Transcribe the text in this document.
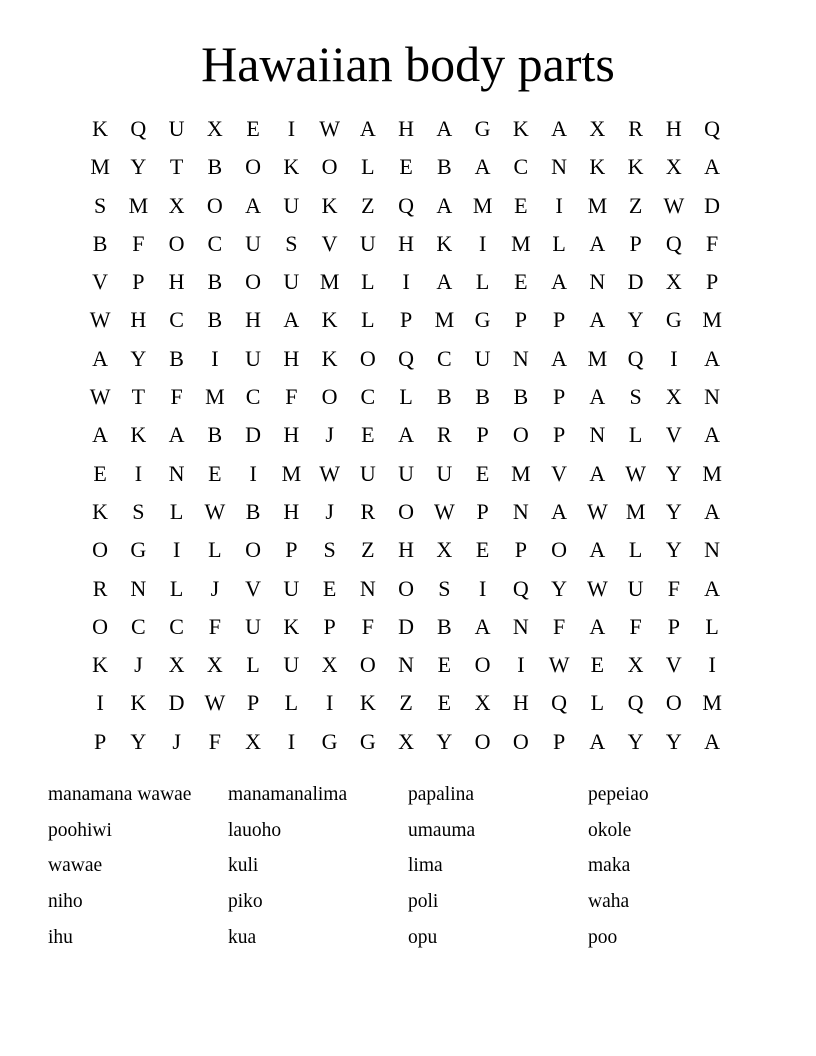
Hawaiian body parts
K	Q	U	X	E	I	W A	H	A	G	K	A	X	R	H	Q
M Y	T	B	O	K	O	L	E	B	A	C	N	K	K	X	A
S	M X	O	A	U	K	Z	Q	A M E	I	M Z W D
B	F	O	C	U	S	V	U	H	K	I	M L	A	P	Q	F
V	P	H	B	O	U M L	I	A	L	E	A	N	D	X	P
W H	C	B	H	A	K	L	P	M G	P	P	A	Y	G M
A	Y	B	I	U	H	K	O	Q	C	U	N	A M Q	I	A
W T	F	M C	F	O	C	L	B	B	B	P	A	S	X	N
A	K	A	B	D	H	J	E	A	R	P	O	P	N	L	V	A
E	I	N	E	I	M W U	U	U	E M V	A W Y M
K	S	L W B	H	J	R	O W P	N	A W M Y	A
O	G	I	L	O	P	S	Z	H	X	E	P	O	A	L	Y	N
R	N	L	J	V	U	E	N	O	S	I	Q	Y W U	F	A
O	C	C	F	U	K	P	F	D	B	A	N	F	A	F	P	L
K	J	X	X	L	U	X	O	N	E	O	I	W E	X	V	I
I	K	D W P	L	I	K	Z	E	X	H	Q	L	Q	O M
P	Y	J	F	X	I	G	G	X	Y	O	O	P	A	Y	Y	A
manamana wawae	manamanalima	papalina	pepeiao
poohiwi	lauoho	umauma	okole
wawae	kuli	lima	maka
niho	piko	poli	waha
ihu	kua	opu	poo
